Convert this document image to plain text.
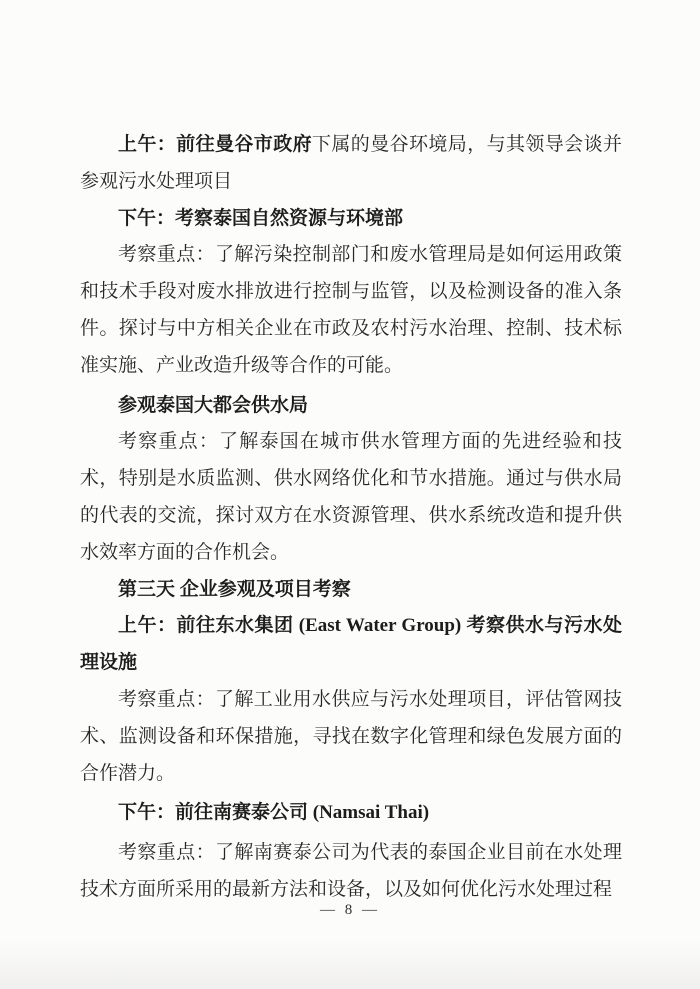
上午：前往曼谷市政府下属的曼谷环境局，与其领导会谈并参观污水处理项目

下午：考察泰国自然资源与环境部

考察重点：了解污染控制部门和废水管理局是如何运用政策和技术手段对废水排放进行控制与监管，以及检测设备的准入条件。探讨与中方相关企业在市政及农村污水治理、控制、技术标准实施、产业改造升级等合作的可能。

参观泰国大都会供水局

考察重点：了解泰国在城市供水管理方面的先进经验和技术，特别是水质监测、供水网络优化和节水措施。通过与供水局的代表的交流，探讨双方在水资源管理、供水系统改造和提升供水效率方面的合作机会。

第三天 企业参观及项目考察

上午：前往东水集团 (East Water Group) 考察供水与污水处理设施

考察重点：了解工业用水供应与污水处理项目，评估管网技术、监测设备和环保措施，寻找在数字化管理和绿色发展方面的合作潜力。

下午：前往南赛泰公司 (Namsai Thai)

考察重点：了解南赛泰公司为代表的泰国企业目前在水处理技术方面所采用的最新方法和设备，以及如何优化污水处理过程

— 8 —
